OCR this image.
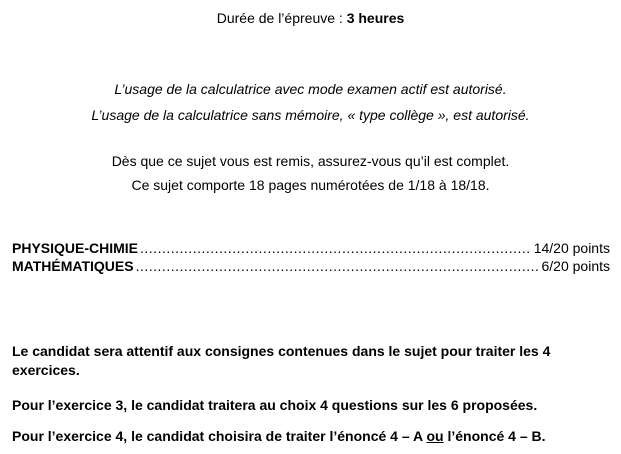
Durée de l’épreuve : 3 heures
L’usage de la calculatrice avec mode examen actif est autorisé.
L’usage de la calculatrice sans mémoire, « type collège », est autorisé.
Dès que ce sujet vous est remis, assurez-vous qu’il est complet.
Ce sujet comporte 18 pages numérotées de 1/18 à 18/18.
PHYSIQUE-CHIMIE .....	14/20 points
MATHÉMATIQUES .....	6/20 points
Le candidat sera attentif aux consignes contenues dans le sujet pour traiter les 4 exercices.
Pour l’exercice 3, le candidat traitera au choix 4 questions sur les 6 proposées.
Pour l’exercice 4, le candidat choisira de traiter l’énoncé 4 – A ou l’énoncé 4 – B.
